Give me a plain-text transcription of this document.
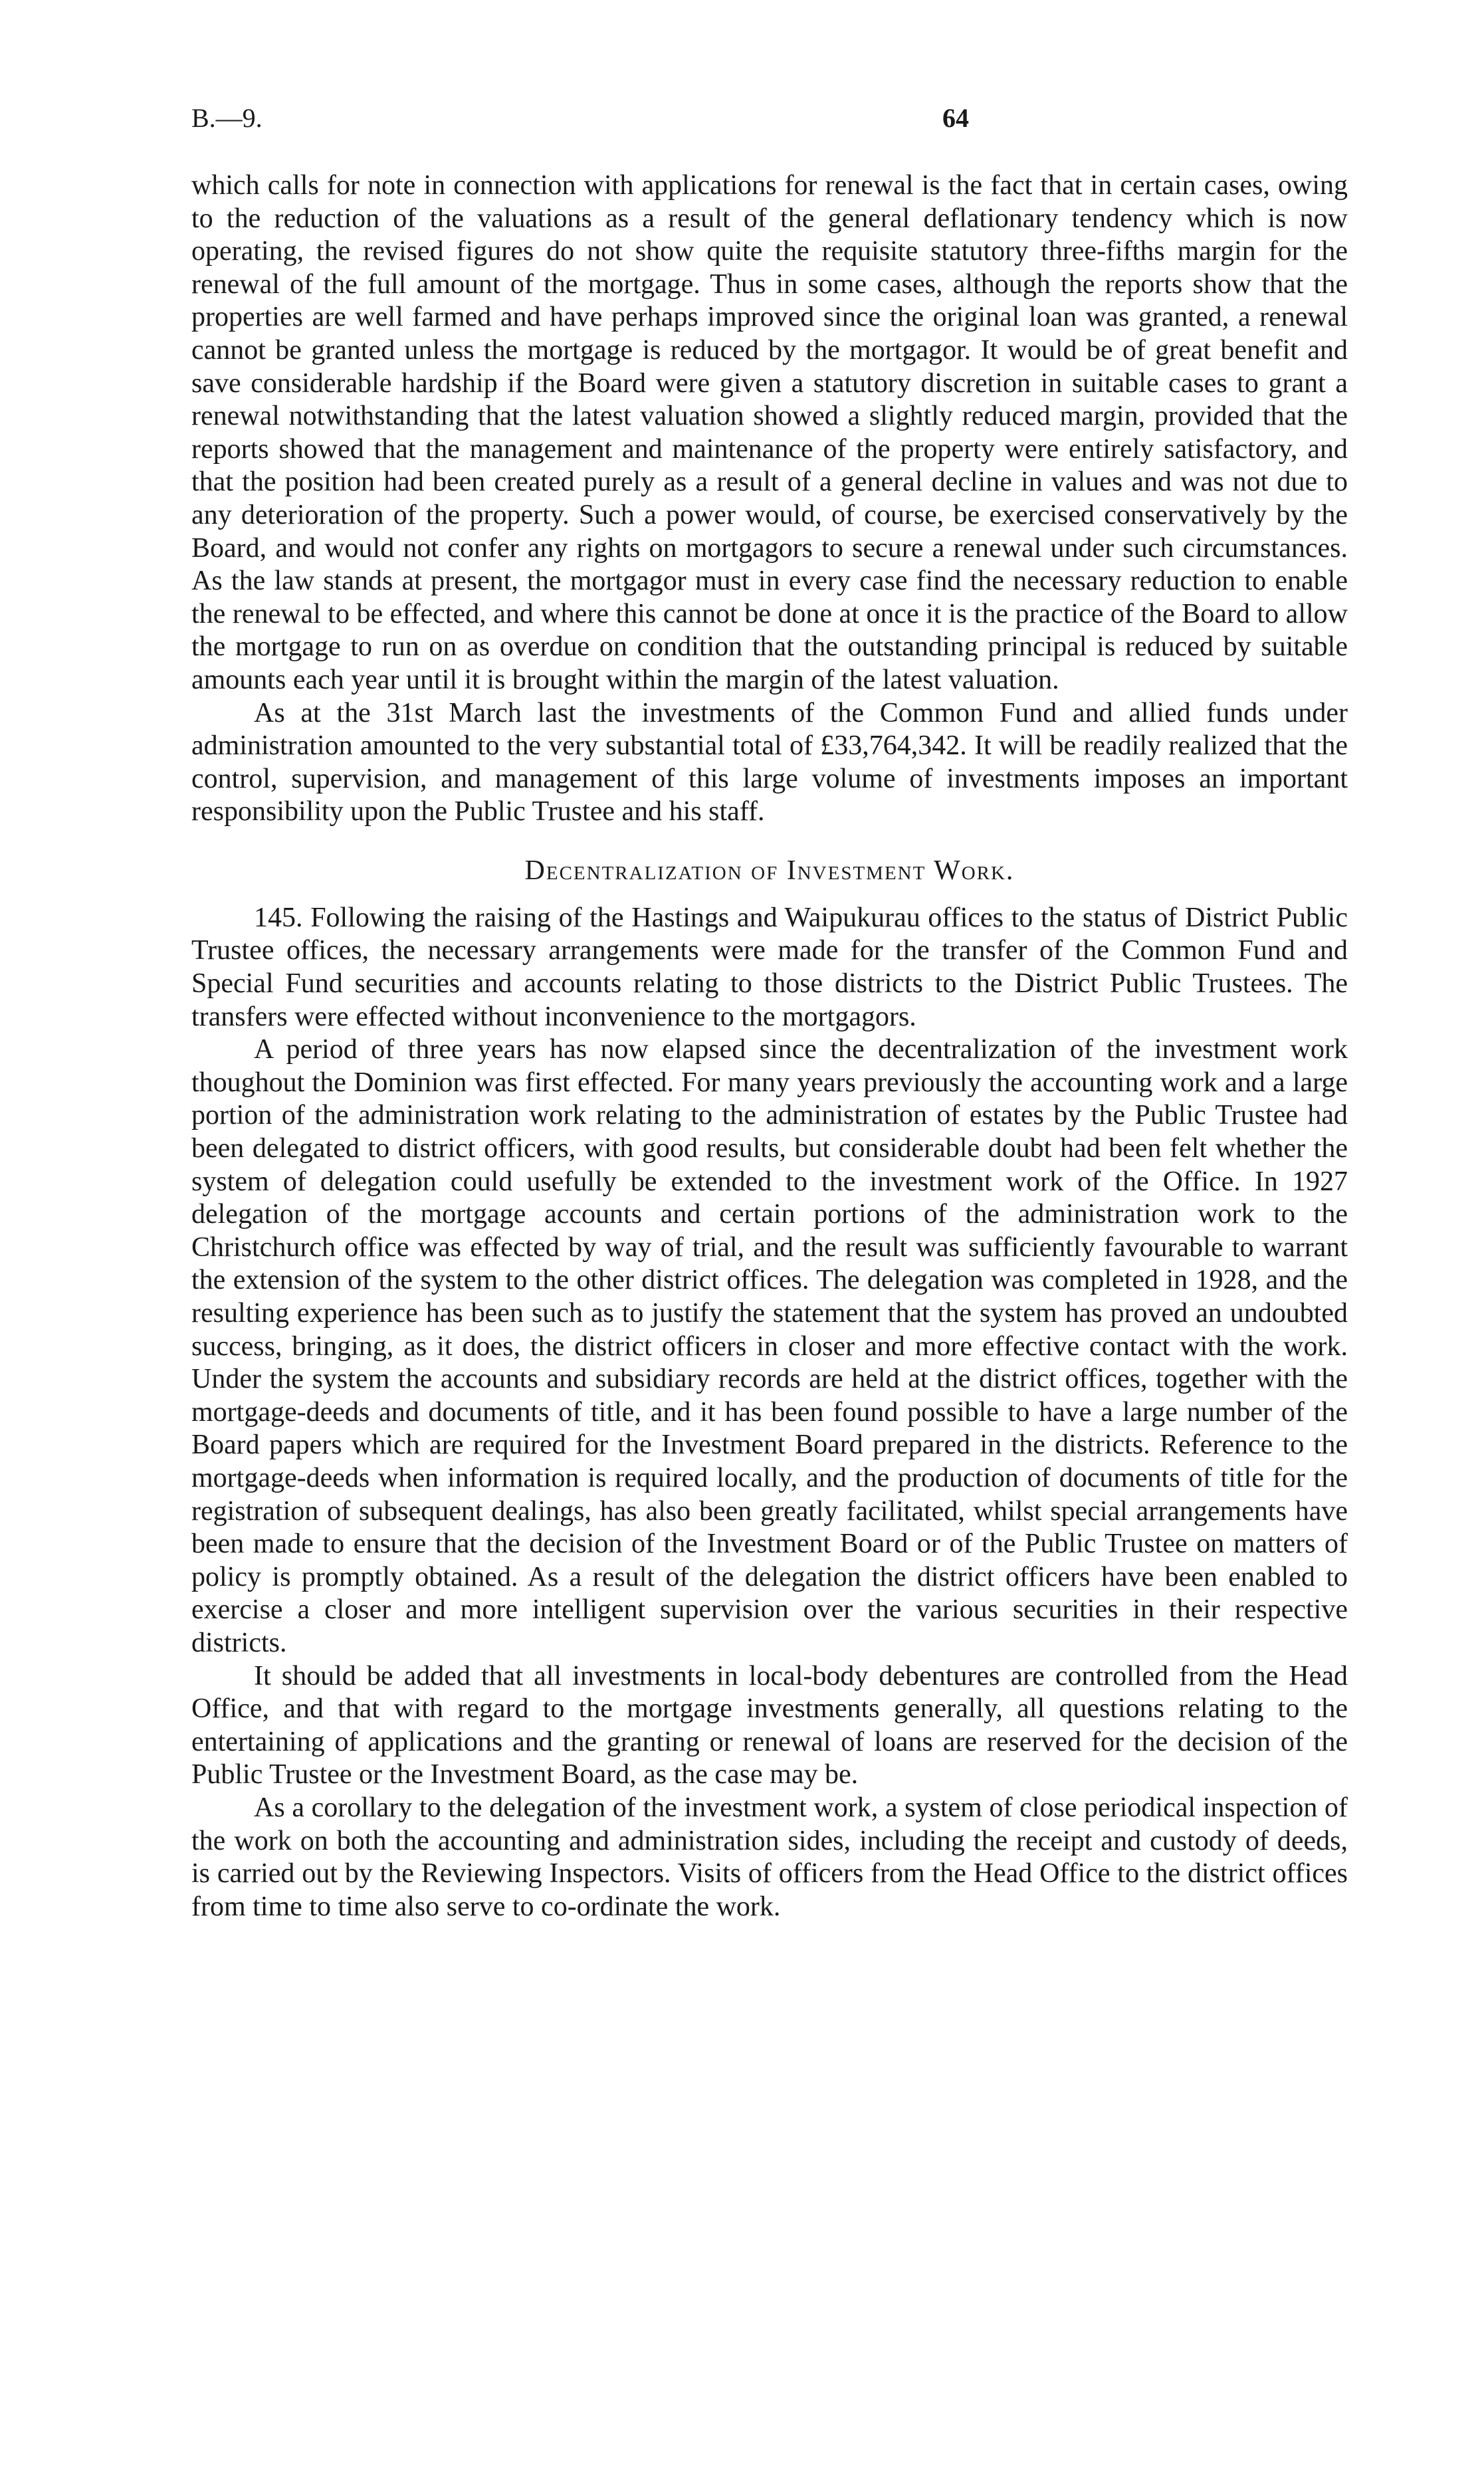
B.—9.	64

which calls for note in connection with applications for renewal is the fact that in certain cases, owing to the reduction of the valuations as a result of the general deflationary tendency which is now operating, the revised figures do not show quite the requisite statutory three-fifths margin for the renewal of the full amount of the mortgage. Thus in some cases, although the reports show that the properties are well farmed and have perhaps improved since the original loan was granted, a renewal cannot be granted unless the mortgage is reduced by the mortgagor. It would be of great benefit and save considerable hardship if the Board were given a statutory discretion in suitable cases to grant a renewal notwithstanding that the latest valuation showed a slightly reduced margin, provided that the reports showed that the management and maintenance of the property were entirely satisfactory, and that the position had been created purely as a result of a general decline in values and was not due to any deterioration of the property. Such a power would, of course, be exercised conservatively by the Board, and would not confer any rights on mortgagors to secure a renewal under such circumstances. As the law stands at present, the mortgagor must in every case find the necessary reduction to enable the renewal to be effected, and where this cannot be done at once it is the practice of the Board to allow the mortgage to run on as overdue on condition that the outstanding principal is reduced by suitable amounts each year until it is brought within the margin of the latest valuation.

As at the 31st March last the investments of the Common Fund and allied funds under administration amounted to the very substantial total of £33,764,342. It will be readily realized that the control, supervision, and management of this large volume of investments imposes an important responsibility upon the Public Trustee and his staff.

Decentralization of Investment Work.

145. Following the raising of the Hastings and Waipukurau offices to the status of District Public Trustee offices, the necessary arrangements were made for the transfer of the Common Fund and Special Fund securities and accounts relating to those districts to the District Public Trustees. The transfers were effected without inconvenience to the mortgagors.

A period of three years has now elapsed since the decentralization of the investment work thoughout the Dominion was first effected. For many years previously the accounting work and a large portion of the administration work relating to the administration of estates by the Public Trustee had been delegated to district officers, with good results, but considerable doubt had been felt whether the system of delegation could usefully be extended to the investment work of the Office. In 1927 delegation of the mortgage accounts and certain portions of the administration work to the Christchurch office was effected by way of trial, and the result was sufficiently favourable to warrant the extension of the system to the other district offices. The delegation was completed in 1928, and the resulting experience has been such as to justify the statement that the system has proved an undoubted success, bringing, as it does, the district officers in closer and more effective contact with the work. Under the system the accounts and subsidiary records are held at the district offices, together with the mortgage-deeds and documents of title, and it has been found possible to have a large number of the Board papers which are required for the Investment Board prepared in the districts. Reference to the mortgage-deeds when information is required locally, and the production of documents of title for the registration of subsequent dealings, has also been greatly facilitated, whilst special arrangements have been made to ensure that the decision of the Investment Board or of the Public Trustee on matters of policy is promptly obtained. As a result of the delegation the district officers have been enabled to exercise a closer and more intelligent supervision over the various securities in their respective districts.

It should be added that all investments in local-body debentures are controlled from the Head Office, and that with regard to the mortgage investments generally, all questions relating to the entertaining of applications and the granting or renewal of loans are reserved for the decision of the Public Trustee or the Investment Board, as the case may be.

As a corollary to the delegation of the investment work, a system of close periodical inspection of the work on both the accounting and administration sides, including the receipt and custody of deeds, is carried out by the Reviewing Inspectors. Visits of officers from the Head Office to the district offices from time to time also serve to co-ordinate the work.
